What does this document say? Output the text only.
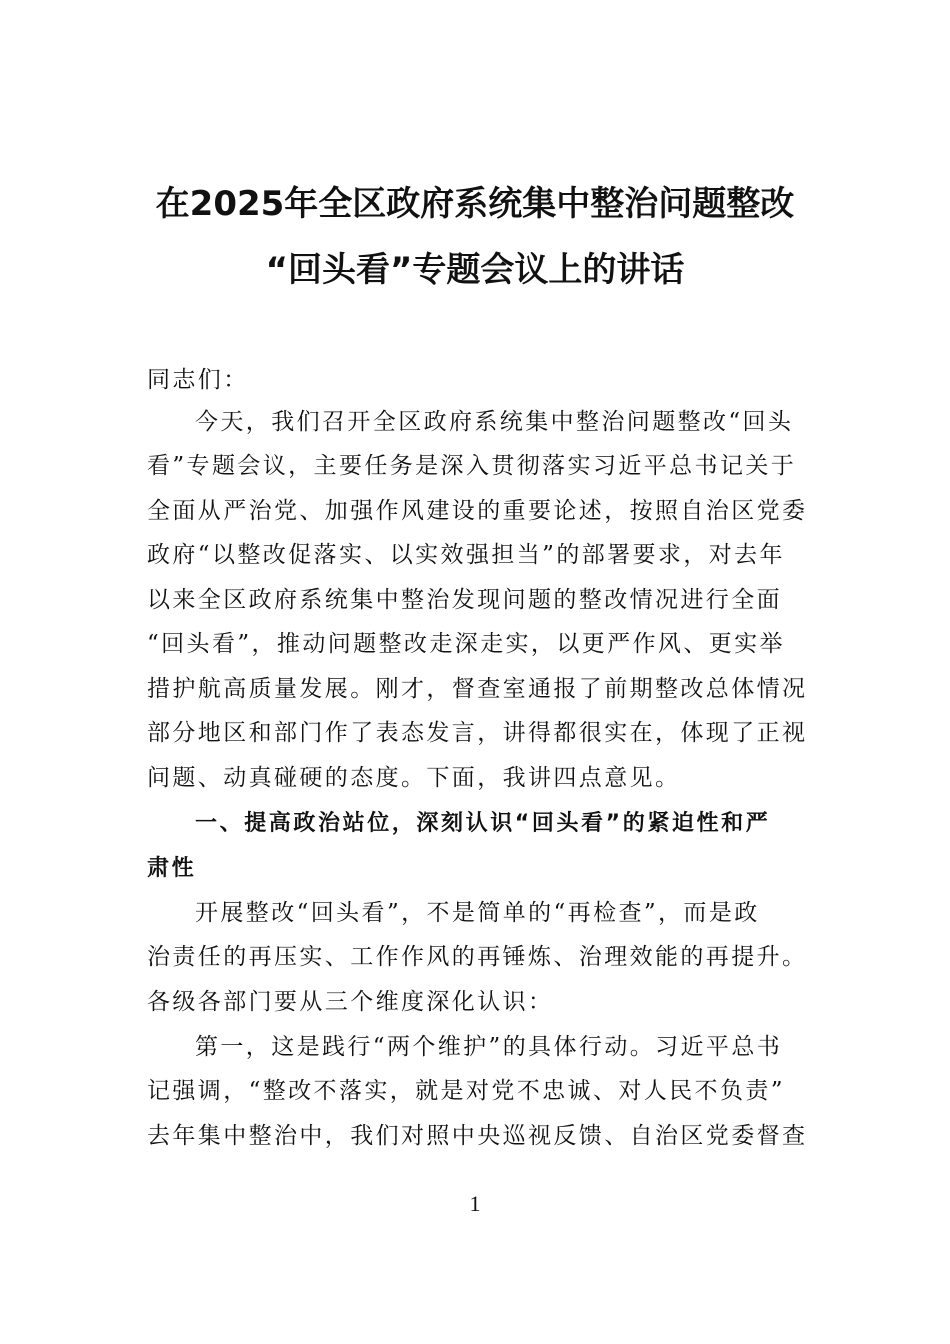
在2025年全区政府系统集中整治问题整改
“回头看”专题会议上的讲话

同志们：

今天，我们召开全区政府系统集中整治问题整改“回头

看”专题会议，主要任务是深入贯彻落实习近平总书记关于

全面从严治党、加强作风建设的重要论述，按照自治区党委

政府“以整改促落实、以实效强担当”的部署要求，对去年

以来全区政府系统集中整治发现问题的整改情况进行全面

“回头看”，推动问题整改走深走实，以更严作风、更实举

措护航高质量发展。刚才，督查室通报了前期整改总体情况

部分地区和部门作了表态发言，讲得都很实在，体现了正视

问题、动真碰硬的态度。下面，我讲四点意见。

一、提高政治站位，深刻认识“回头看”的紧迫性和严

肃性

开展整改“回头看”，不是简单的“再检查”，而是政

治责任的再压实、工作作风的再锤炼、治理效能的再提升。

各级各部门要从三个维度深化认识：

第一，这是践行“两个维护”的具体行动。习近平总书

记强调，“整改不落实，就是对党不忠诚、对人民不负责”

去年集中整治中，我们对照中央巡视反馈、自治区党委督查

1
